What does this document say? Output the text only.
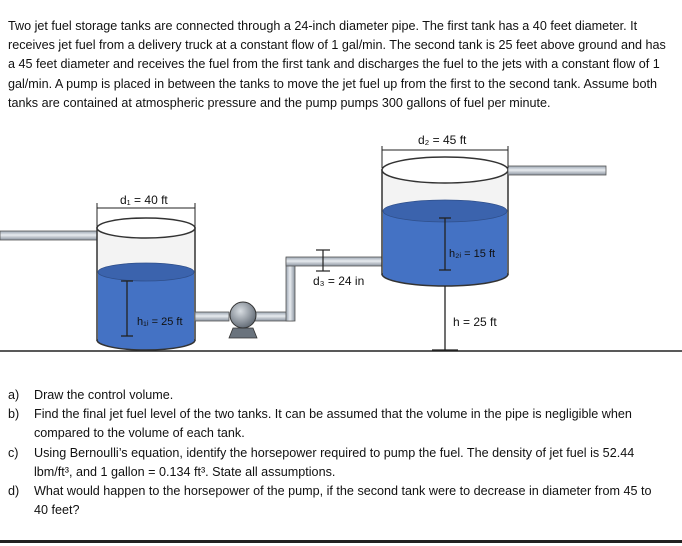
Two jet fuel storage tanks are connected through a 24-inch diameter pipe. The first tank has a 40 feet diameter. It receives jet fuel from a delivery truck at a constant flow of 1 gal/min. The second tank is 25 feet above ground and has a 45 feet diameter and receives the fuel from the first tank and discharges the fuel to the jets with a constant flow of 1 gal/min. A pump is placed in between the tanks to move the jet fuel up from the first to the second tank. Assume both tanks are contained at atmospheric pressure and the pump pumps 300 gallons of fuel per minute.

d₁ = 40 ft
h₁ᵢ = 25 ft
d₃ = 24 in
d₂ = 45 ft
h₂ᵢ = 15 ft
h = 25 ft
a) Draw the control volume.
b) Find the final jet fuel level of the two tanks. It can be assumed that the volume in the pipe is negligible when compared to the volume of each tank.
c) Using Bernoulli’s equation, identify the horsepower required to pump the fuel. The density of jet fuel is 52.44 lbm/ft³, and 1 gallon = 0.134 ft³. State all assumptions.
d) What would happen to the horsepower of the pump, if the second tank were to decrease in diameter from 45 to 40 feet?
